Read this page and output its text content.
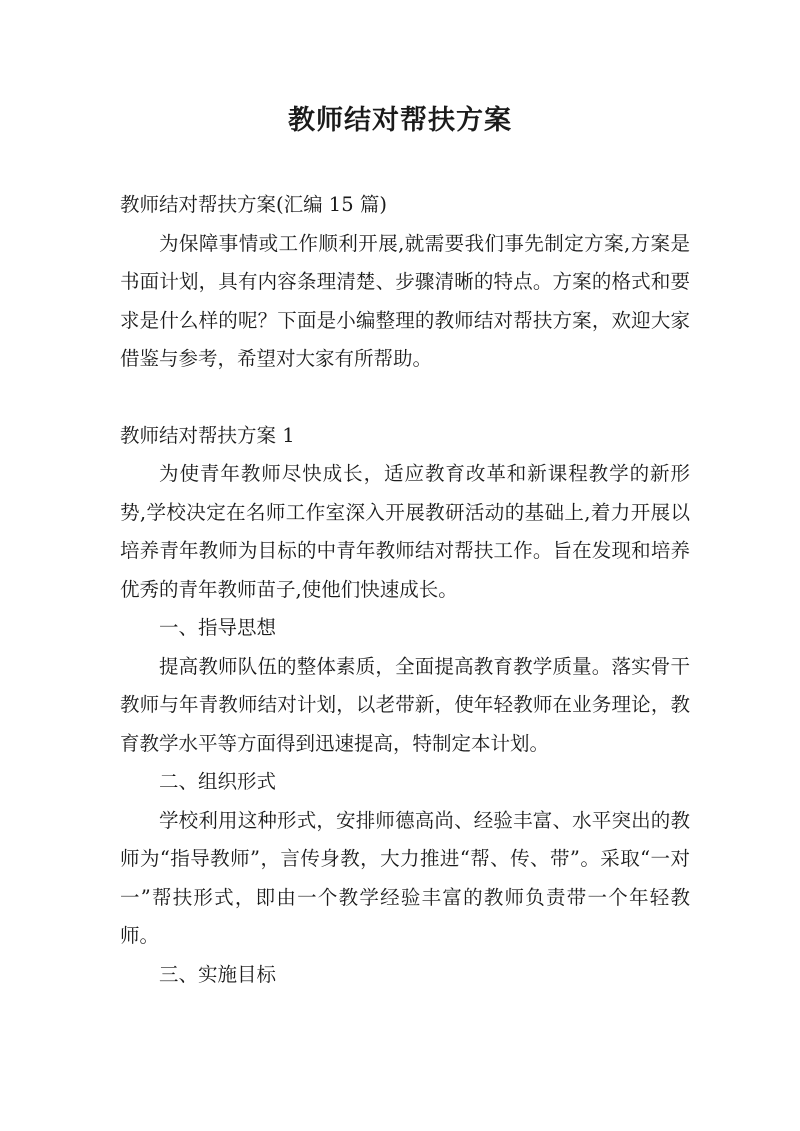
教师结对帮扶方案

教师结对帮扶方案(汇编 15 篇)

为保障事情或工作顺利开展,就需要我们事先制定方案,方案是书面计划，具有内容条理清楚、步骤清晰的特点。方案的格式和要求是什么样的呢？下面是小编整理的教师结对帮扶方案，欢迎大家借鉴与参考，希望对大家有所帮助。

教师结对帮扶方案 1

为使青年教师尽快成长，适应教育改革和新课程教学的新形势,学校决定在名师工作室深入开展教研活动的基础上,着力开展以培养青年教师为目标的中青年教师结对帮扶工作。旨在发现和培养优秀的青年教师苗子,使他们快速成长。

一、指导思想

提高教师队伍的整体素质，全面提高教育教学质量。落实骨干教师与年青教师结对计划，以老带新，使年轻教师在业务理论，教育教学水平等方面得到迅速提高，特制定本计划。

二、组织形式

学校利用这种形式，安排师德高尚、经验丰富、水平突出的教师为“指导教师”，言传身教，大力推进“帮、传、带”。采取“一对一”帮扶形式，即由一个教学经验丰富的教师负责带一个年轻教师。

三、实施目标
